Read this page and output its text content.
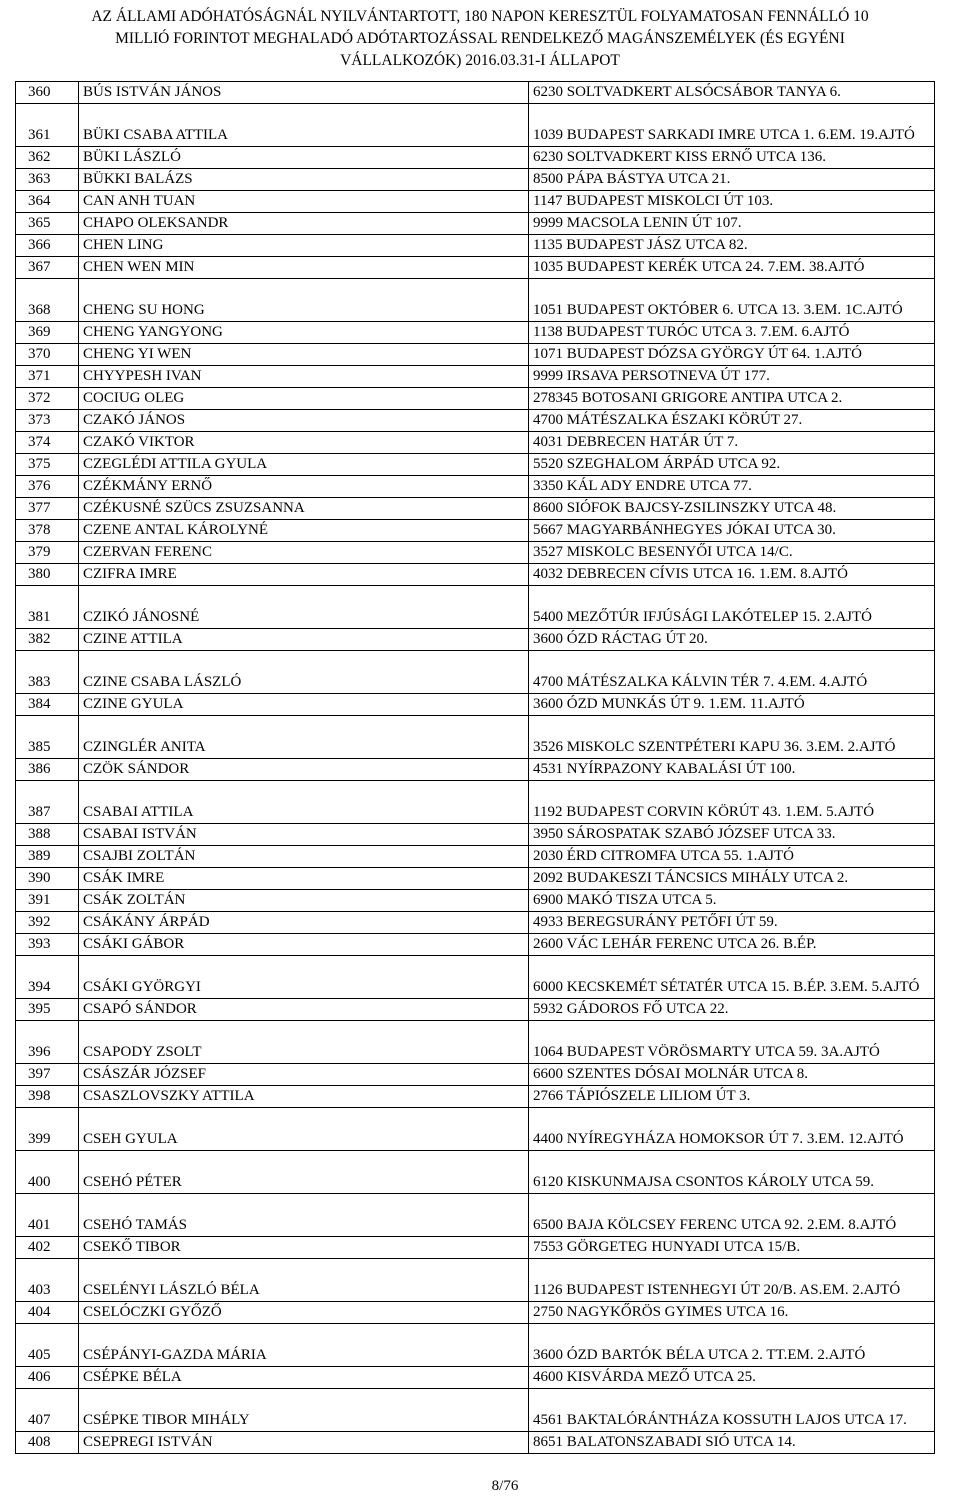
AZ ÁLLAMI ADÓHATÓSÁGNÁL NYILVÁNTARTOTT, 180 NAPON KERESZTÜL FOLYAMATOSAN FENNÁLLÓ 10
MILLIÓ FORINTOT MEGHALADÓ ADÓTARTOZÁSSAL RENDELKEZŐ MAGÁNSZEMÉLYEK (ÉS EGYÉNI
VÁLLALKOZÓK) 2016.03.31-I ÁLLAPOT
360	BÚS ISTVÁN JÁNOS	6230 SOLTVADKERT ALSÓCSÁBOR TANYA 6.
361	BÜKI CSABA ATTILA	1039 BUDAPEST SARKADI IMRE UTCA 1. 6.EM. 19.AJTÓ
362	BÜKI LÁSZLÓ	6230 SOLTVADKERT KISS ERNŐ UTCA 136.
363	BÜKKI BALÁZS	8500 PÁPA BÁSTYA UTCA 21.
364	CAN ANH TUAN	1147 BUDAPEST MISKOLCI ÚT 103.
365	CHAPO OLEKSANDR	9999 MACSOLA LENIN ÚT 107.
366	CHEN LING	1135 BUDAPEST JÁSZ UTCA 82.
367	CHEN WEN MIN	1035 BUDAPEST KERÉK UTCA 24. 7.EM. 38.AJTÓ
368	CHENG SU HONG	1051 BUDAPEST OKTÓBER 6. UTCA 13. 3.EM. 1C.AJTÓ
369	CHENG YANGYONG	1138 BUDAPEST TURÓC UTCA 3. 7.EM. 6.AJTÓ
370	CHENG YI WEN	1071 BUDAPEST DÓZSA GYÖRGY ÚT 64. 1.AJTÓ
371	CHYYPESH IVAN	9999 IRSAVA PERSOTNEVA ÚT 177.
372	COCIUG OLEG	278345 BOTOSANI GRIGORE ANTIPA UTCA 2.
373	CZAKÓ JÁNOS	4700 MÁTÉSZALKA ÉSZAKI KÖRÚT 27.
374	CZAKÓ VIKTOR	4031 DEBRECEN HATÁR ÚT 7.
375	CZEGLÉDI ATTILA GYULA	5520 SZEGHALOM ÁRPÁD UTCA 92.
376	CZÉKMÁNY ERNŐ	3350 KÁL ADY ENDRE UTCA 77.
377	CZÉKUSNÉ SZÜCS ZSUZSANNA	8600 SIÓFOK BAJCSY-ZSILINSZKY UTCA 48.
378	CZENE ANTAL KÁROLYNÉ	5667 MAGYARBÁNHEGYES JÓKAI UTCA 30.
379	CZERVAN FERENC	3527 MISKOLC BESENYŐI UTCA 14/C.
380	CZIFRA IMRE	4032 DEBRECEN CÍVIS UTCA 16. 1.EM. 8.AJTÓ
381	CZIKÓ JÁNOSNÉ	5400 MEZŐTÚR IFJÚSÁGI LAKÓTELEP 15. 2.AJTÓ
382	CZINE ATTILA	3600 ÓZD RÁCTAG ÚT 20.
383	CZINE CSABA LÁSZLÓ	4700 MÁTÉSZALKA KÁLVIN TÉR 7. 4.EM. 4.AJTÓ
384	CZINE GYULA	3600 ÓZD MUNKÁS ÚT 9. 1.EM. 11.AJTÓ
385	CZINGLÉR ANITA	3526 MISKOLC SZENTPÉTERI KAPU 36. 3.EM. 2.AJTÓ
386	CZÖK SÁNDOR	4531 NYÍRPAZONY KABALÁSI ÚT 100.
387	CSABAI ATTILA	1192 BUDAPEST CORVIN KÖRÚT 43. 1.EM. 5.AJTÓ
388	CSABAI ISTVÁN	3950 SÁROSPATAK SZABÓ JÓZSEF UTCA 33.
389	CSAJBI ZOLTÁN	2030 ÉRD CITROMFA UTCA 55. 1.AJTÓ
390	CSÁK IMRE	2092 BUDAKESZI TÁNCSICS MIHÁLY UTCA 2.
391	CSÁK ZOLTÁN	6900 MAKÓ TISZA UTCA 5.
392	CSÁKÁNY ÁRPÁD	4933 BEREGSURÁNY PETŐFI ÚT 59.
393	CSÁKI GÁBOR	2600 VÁC LEHÁR FERENC UTCA 26. B.ÉP.
394	CSÁKI GYÖRGYI	6000 KECSKEMÉT SÉTATÉR UTCA 15. B.ÉP. 3.EM. 5.AJTÓ
395	CSAPÓ SÁNDOR	5932 GÁDOROS FŐ UTCA 22.
396	CSAPODY ZSOLT	1064 BUDAPEST VÖRÖSMARTY UTCA 59. 3A.AJTÓ
397	CSÁSZÁR JÓZSEF	6600 SZENTES DÓSAI MOLNÁR UTCA 8.
398	CSASZLOVSZKY ATTILA	2766 TÁPIÓSZELE LILIOM ÚT 3.
399	CSEH GYULA	4400 NYÍREGYHÁZA HOMOKSOR ÚT 7. 3.EM. 12.AJTÓ
400	CSEHÓ PÉTER	6120 KISKUNMAJSA CSONTOS KÁROLY UTCA 59.
401	CSEHÓ TAMÁS	6500 BAJA KÖLCSEY FERENC UTCA 92. 2.EM. 8.AJTÓ
402	CSEKŐ TIBOR	7553 GÖRGETEG HUNYADI UTCA 15/B.
403	CSELÉNYI LÁSZLÓ BÉLA	1126 BUDAPEST ISTENHEGYI ÚT 20/B. AS.EM. 2.AJTÓ
404	CSELÓCZKI GYŐZŐ	2750 NAGYKŐRÖS GYIMES UTCA 16.
405	CSÉPÁNYI-GAZDA MÁRIA	3600 ÓZD BARTÓK BÉLA UTCA 2. TT.EM. 2.AJTÓ
406	CSÉPKE BÉLA	4600 KISVÁRDA MEZŐ UTCA 25.
407	CSÉPKE TIBOR MIHÁLY	4561 BAKTALÓRÁNTHÁZA KOSSUTH LAJOS UTCA 17.
408	CSEPREGI ISTVÁN	8651 BALATONSZABADI SIÓ UTCA 14.
8/76
